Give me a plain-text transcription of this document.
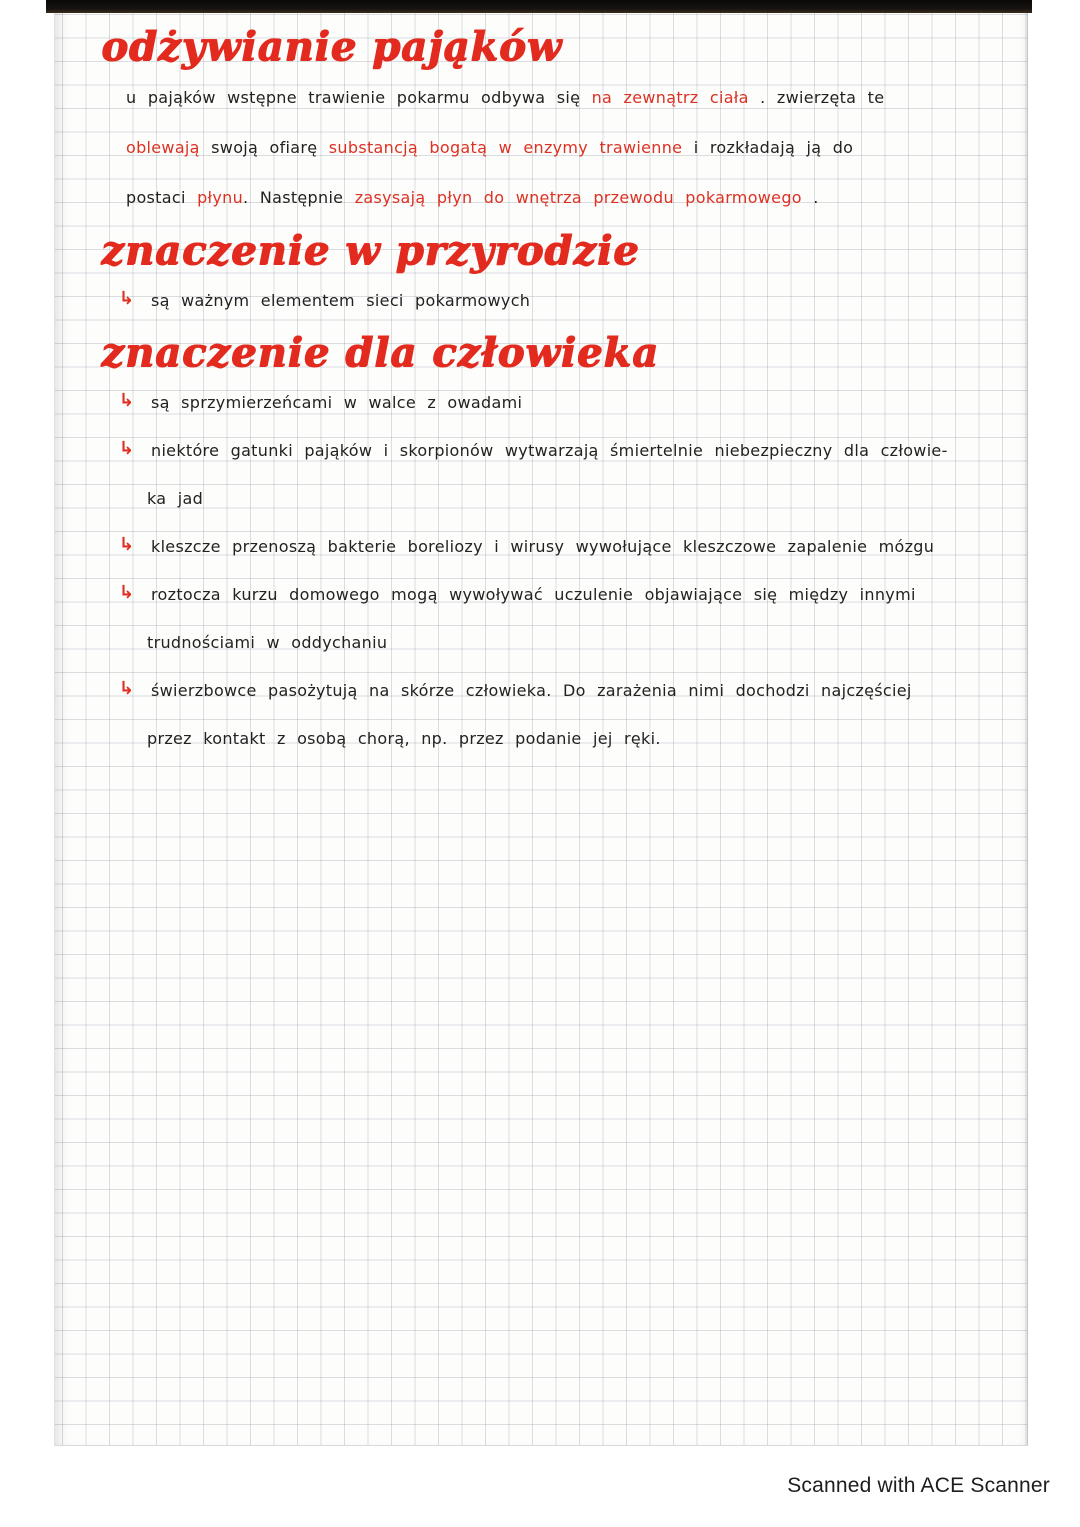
odżywianie pająków
u pająków wstępne trawienie pokarmu odbywa się na zewnątrz ciała . zwierzęta te
oblewają swoją ofiarę substancją bogatą w enzymy trawienne i rozkładają ją do
postaci płynu. Następnie zasysają płyn do wnętrza przewodu pokarmowego .
znaczenie w przyrodzie
↳ są ważnym elementem sieci pokarmowych
znaczenie dla człowieka
↳ są sprzymierzeńcami w walce z owadami
↳ niektóre gatunki pająków i skorpionów wytwarzają śmiertelnie niebezpieczny dla człowie-
ka jad
↳ kleszcze przenoszą bakterie boreliozy i wirusy wywołujące kleszczowe zapalenie mózgu
↳ roztocza kurzu domowego mogą wywoływać uczulenie objawiające się między innymi
trudnościami w oddychaniu
↳ świerzbowce pasożytują na skórze człowieka. Do zarażenia nimi dochodzi najczęściej
przez kontakt z osobą chorą, np. przez podanie jej ręki.
Scanned with ACE Scanner
